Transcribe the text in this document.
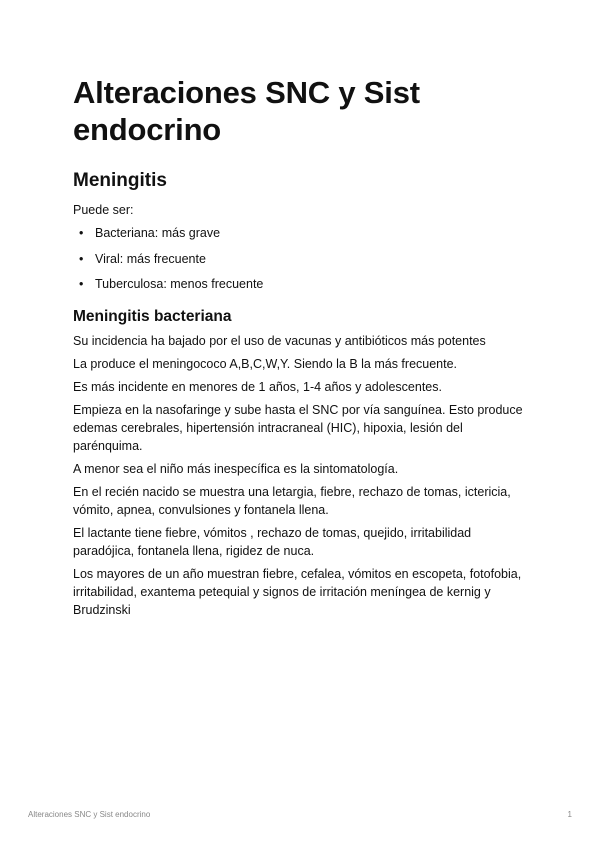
Alteraciones SNC y Sist endocrino
Meningitis

Puede ser:

• Bacteriana: más grave
• Viral: más frecuente
• Tuberculosa: menos frecuente
Meningitis bacteriana

Su incidencia ha bajado por el uso de vacunas y antibióticos más potentes

La produce el meningococo A,B,C,W,Y. Siendo la B la más frecuente.

Es más incidente en menores de 1 años, 1-4 años y adolescentes.

Empieza en la nasofaringe y sube hasta el SNC por vía sanguínea. Esto produce edemas cerebrales, hipertensión intracraneal (HIC), hipoxia, lesión del parénquima.

A menor sea el niño más inespecífica es la sintomatología.

En el recién nacido se muestra una letargia, fiebre, rechazo de tomas, ictericia, vómito, apnea, convulsiones y fontanela llena.

El lactante tiene fiebre, vómitos , rechazo de tomas, quejido, irritabilidad paradójica, fontanela llena, rigidez de nuca.

Los mayores de un año muestran fiebre, cefalea, vómitos en escopeta, fotofobia, irritabilidad, exantema petequial y signos de irritación meníngea de kernig y Brudzinski

Alteraciones SNC y Sist endocrino	1
